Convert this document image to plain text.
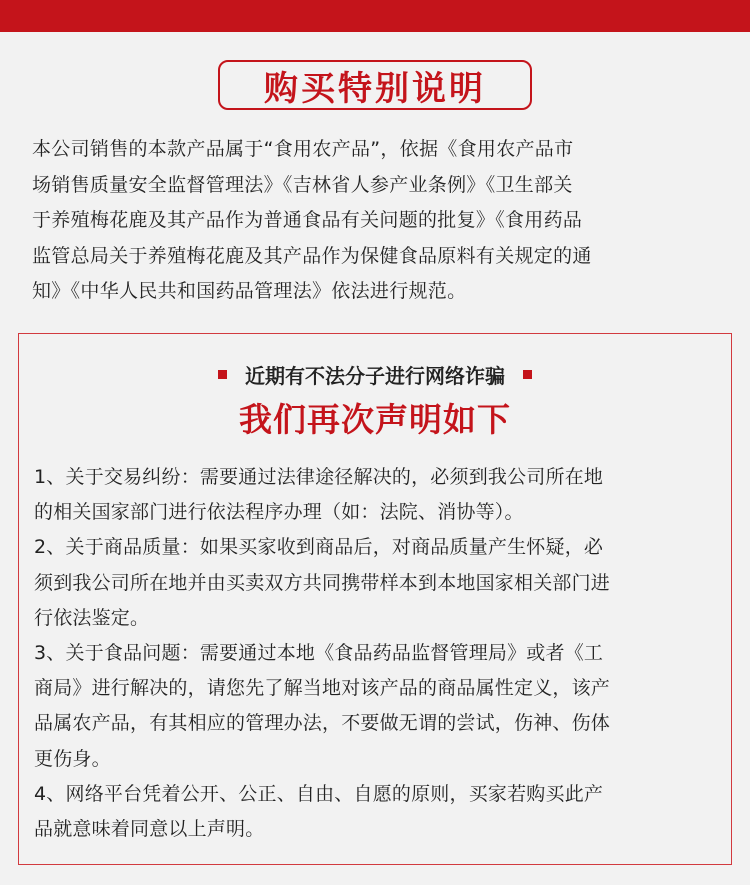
购买特别说明
本公司销售的本款产品属于“食用农产品”，依据《食用农产品市
场销售质量安全监督管理法》《吉林省人参产业条例》《卫生部关
于养殖梅花鹿及其产品作为普通食品有关问题的批复》《食用药品
监管总局关于养殖梅花鹿及其产品作为保健食品原料有关规定的通
知》《中华人民共和国药品管理法》依法进行规范。
近期有不法分子进行网络诈骗
我们再次声明如下
1、关于交易纠纷：需要通过法律途径解决的，必须到我公司所在地
的相关国家部门进行依法程序办理（如：法院、消协等）。
2、关于商品质量：如果买家收到商品后，对商品质量产生怀疑，必
须到我公司所在地并由买卖双方共同携带样本到本地国家相关部门进
行依法鉴定。
3、关于食品问题：需要通过本地《食品药品监督管理局》或者《工
商局》进行解决的，请您先了解当地对该产品的商品属性定义，该产
品属农产品，有其相应的管理办法，不要做无谓的尝试，伤神、伤体
更伤身。
4、网络平台凭着公开、公正、自由、自愿的原则，买家若购买此产
品就意味着同意以上声明。
